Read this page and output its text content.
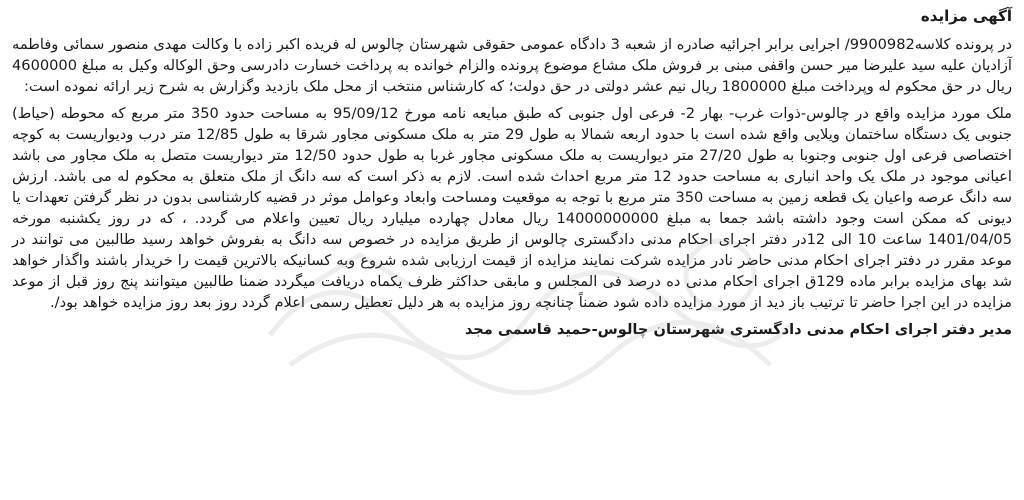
آگهی مزایده

در پرونده کلاسه9900982/ اجرایی برابر اجرائیه صادره از شعبه 3 دادگاه عمومی حقوقی شهرستان چالوس له فریده اکبر زاده با وکالت مهدی منصور سمائی وفاطمه آزادیان علیه سید علیرضا میر حسن واقفی مبنی بر فروش ملک مشاع موضوع پرونده والزام خوانده به پرداخت خسارت دادرسی وحق الوکاله وکیل به مبلغ 4600000 ریال در حق محکوم له وپرداخت مبلغ 1800000 ریال نیم عشر دولتی در حق دولت؛ که کارشناس منتخب از محل ملک بازدید وگزارش به شرح زیر ارائه نموده است:

ملک مورد مزایده واقع در چالوس-ذوات غرب- بهار 2- فرعی اول جنوبی که طبق مبایعه نامه مورخ 95/09/12 به مساحت حدود 350 متر مربع که محوطه (حیاط) جنوبی یک دستگاه ساختمان ویلایی واقع شده است با حدود اربعه شمالا به طول 29 متر به ملک مسکونی مجاور شرقا به طول 12/85 متر درب ودیواریست به کوچه اختصاصی فرعی اول جنوبی وجنوبا به طول 27/20 متر دیواریست به ملک مسکونی مجاور غربا به طول حدود 12/50 متر دیواریست متصل به ملک مجاور می باشد اعیانی موجود در ملک یک واحد انباری به مساحت حدود 12 متر مربع احداث شده است. لازم به ذکر است که سه دانگ از ملک متعلق به محکوم له می باشد. ارزش سه دانگ عرصه واعیان یک قطعه زمین به مساحت 350 متر مربع با توجه به موقعیت ومساحت وابعاد وعوامل موثر در قضیه کارشناسی بدون در نظر گرفتن تعهدات یا دیونی که ممکن است وجود داشته باشد جمعا به مبلغ 14000000000 ریال معادل چهارده میلیارد ریال تعیین واعلام می گردد. ، که در روز یکشنبه مورخه 1401/04/05 ساعت 10 الی 12در دفتر اجرای احکام مدنی دادگستری چالوس از طریق مزایده در خصوص سه دانگ به بفروش خواهد رسید طالبین می توانند در موعد مقرر در دفتر اجرای احکام مدنی حاضر نادر مزایده شرکت نمایند مزایده از قیمت ارزیابی شده شروع وبه کسانیکه بالاترین قیمت را خریدار باشند واگذار خواهد شد بهای مزایده برابر ماده 129ق اجرای احکام مدنی ده درصد فی المجلس و مابقی حداکثر ظرف یکماه دریافت میگردد ضمنا طالبین میتوانند پنج روز قبل از موعد مزایده در این اجرا حاضر تا ترتیب باز دید از مورد مزایده داده شود ضمناً چنانچه روز مزایده به هر دلیل تعطیل رسمی اعلام گردد روز بعد روز مزایده خواهد بود/.

مدیر دفتر اجرای احکام مدنی دادگستری شهرستان چالوس-حمید قاسمی مجد
